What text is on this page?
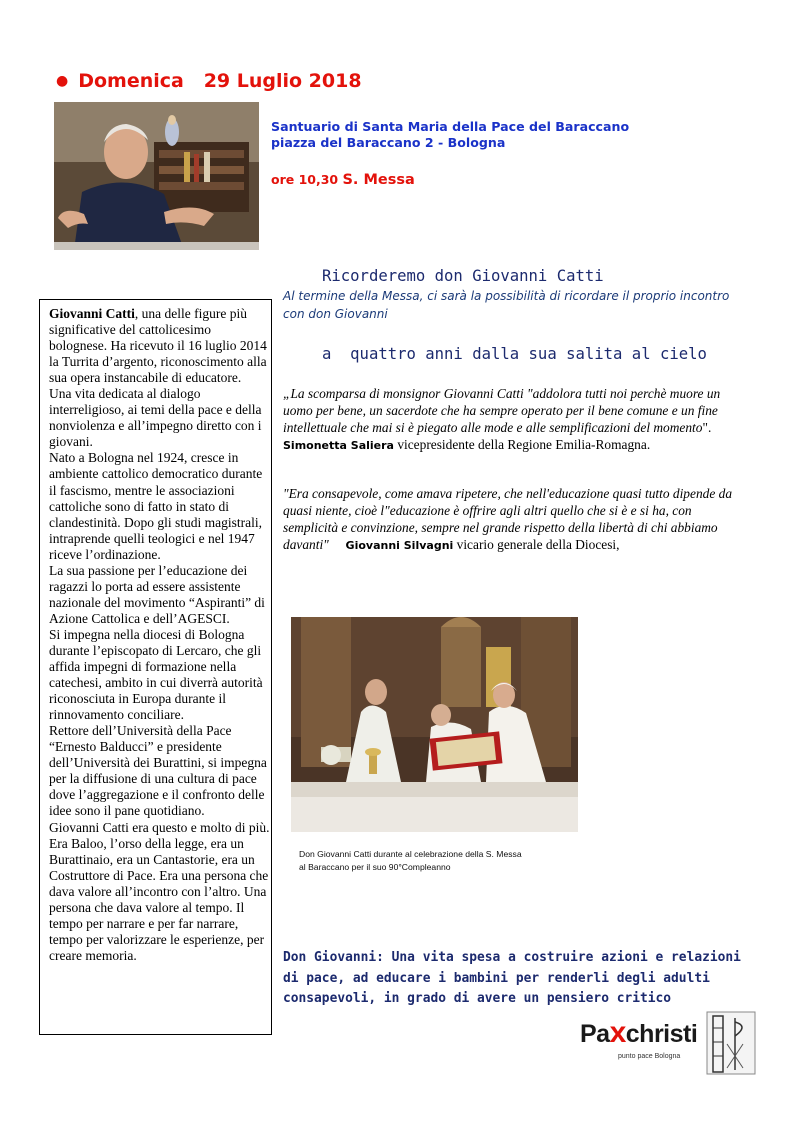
● Domenica   29 Luglio 2018
Santuario di Santa Maria della Pace del Baraccano
piazza del Baraccano 2 - Bologna
ore 10,30 S. Messa

Ricorderemo don Giovanni Catti

a  quattro anni dalla sua salita al cielo

Al termine della Messa, ci sarà la possibilità di ricordare il proprio incontro con don Giovanni
„La scomparsa di monsignor Giovanni Catti "addolora tutti noi perchè muore un uomo per bene, un sacerdote che ha sempre operato per il bene comune e un fine intellettuale che mai si è piegato alle mode e alle semplificazioni del momento". Simonetta Saliera vicepresidente della Regione Emilia-Romagna.
"Era consapevole, come amava ripetere, che nell'educazione quasi tutto dipende da quasi niente, cioè l"educazione è offrire agli altri quello che si è e si ha, con semplicità e convinzione, sempre nel grande rispetto della libertà di chi abbiamo davanti" Giovanni Silvagni vicario generale della Diocesi,

Giovanni Catti, una delle figure più significative del cattolicesimo bolognese. Ha ricevuto il 16 luglio 2014 la Turrita d’argento, riconoscimento alla sua opera instancabile di educatore.

Una vita dedicata al dialogo interreligioso, ai temi della pace e della nonviolenza e all’impegno diretto con i giovani.

Nato a Bologna nel 1924, cresce in ambiente cattolico democratico durante il fascismo, mentre le associazioni cattoliche sono di fatto in stato di clandestinità. Dopo gli studi magistrali, intraprende quelli teologici e nel 1947 riceve l’ordinazione.

La sua passione per l’educazione dei ragazzi lo porta ad essere assistente nazionale del movimento “Aspiranti” di Azione Cattolica e dell’AGESCI.

Si impegna nella diocesi di Bologna durante l’episcopato di Lercaro, che gli affida impegni di formazione nella catechesi, ambito in cui diverrà autorità riconosciuta in Europa durante il rinnovamento conciliare.

Rettore dell’Università della Pace “Ernesto Balducci” e presidente dell’Università dei Burattini, si impegna per la diffusione di una cultura di pace dove l’aggregazione e il confronto delle idee sono il pane quotidiano.

Giovanni Catti era questo e molto di più. Era Baloo, l’orso della legge, era un Burattinaio, era un Cantastorie, era un Costruttore di Pace. Era una persona che dava valore all’incontro con l’altro. Una persona che dava valore al tempo. Il tempo per narrare e per far narrare, tempo per valorizzare le esperienze, per creare memoria.

Don Giovanni Catti durante al celebrazione della S. Messa
al Baraccano per il suo 90°Compleanno
Don Giovanni: Una vita spesa a costruire azioni e relazioni di pace, ad educare i bambini per renderli degli adulti consapevoli, in grado di avere un pensiero critico
Paxchristi
punto pace Bologna
